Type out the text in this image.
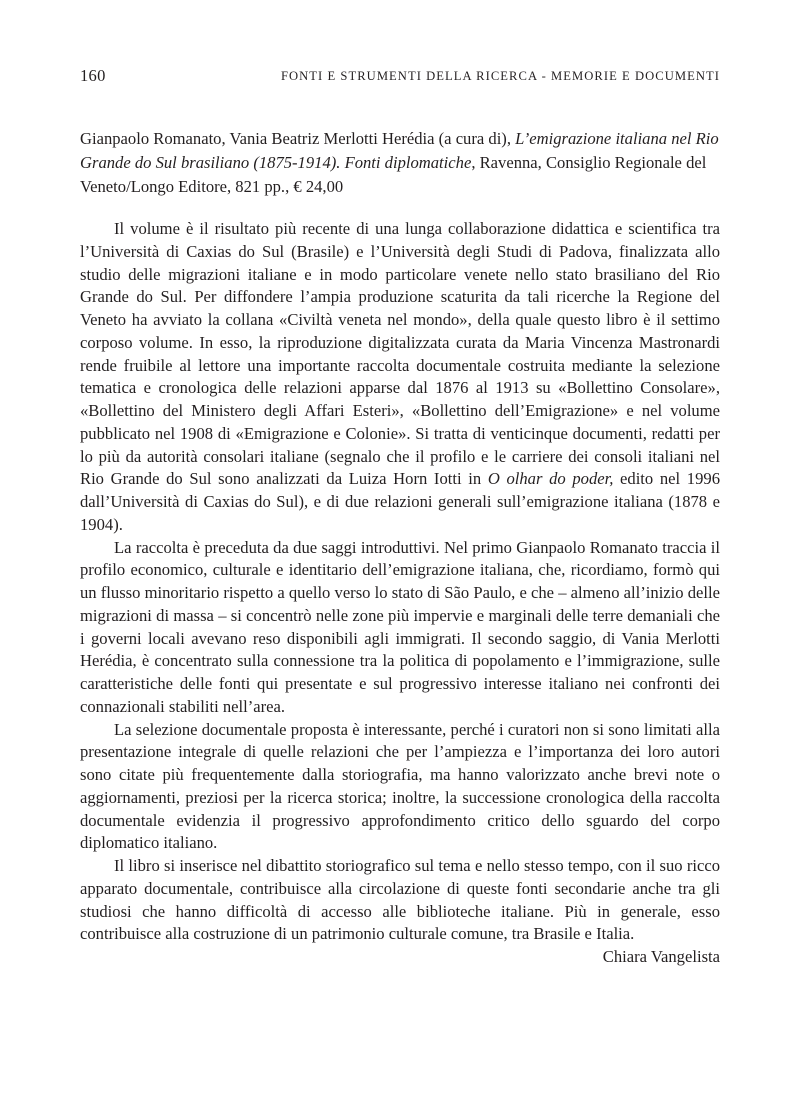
160	FONTI E STRUMENTI DELLA RICERCA - MEMORIE E DOCUMENTI
Gianpaolo Romanato, Vania Beatriz Merlotti Herédia (a cura di), L’emigrazione italiana nel Rio Grande do Sul brasiliano (1875-1914). Fonti diplomatiche, Ravenna, Consiglio Regionale del Veneto/Longo Editore, 821 pp., € 24,00

Il volume è il risultato più recente di una lunga collaborazione didattica e scientifica tra l’Università di Caxias do Sul (Brasile) e l’Università degli Studi di Padova, finalizzata allo studio delle migrazioni italiane e in modo particolare venete nello stato brasiliano del Rio Grande do Sul. Per diffondere l’ampia produzione scaturita da tali ricerche la Regione del Veneto ha avviato la collana «Civiltà veneta nel mondo», della quale questo libro è il settimo corposo volume. In esso, la riproduzione digitalizzata curata da Maria Vincenza Mastronardi rende fruibile al lettore una importante raccolta documentale costruita mediante la selezione tematica e cronologica delle relazioni apparse dal 1876 al 1913 su «Bollettino Consolare», «Bollettino del Ministero degli Affari Esteri», «Bollettino dell’Emigrazione» e nel volume pubblicato nel 1908 di «Emigrazione e Colonie». Si tratta di venticinque documenti, redatti per lo più da autorità consolari italiane (segnalo che il profilo e le carriere dei consoli italiani nel Rio Grande do Sul sono analizzati da Luiza Horn Iotti in O olhar do poder, edito nel 1996 dall’Università di Caxias do Sul), e di due relazioni generali sull’emigrazione italiana (1878 e 1904).

La raccolta è preceduta da due saggi introduttivi. Nel primo Gianpaolo Romanato traccia il profilo economico, culturale e identitario dell’emigrazione italiana, che, ricordiamo, formò qui un flusso minoritario rispetto a quello verso lo stato di São Paulo, e che – almeno all’inizio delle migrazioni di massa – si concentrò nelle zone più impervie e marginali delle terre demaniali che i governi locali avevano reso disponibili agli immigrati. Il secondo saggio, di Vania Merlotti Herédia, è concentrato sulla connessione tra la politica di popolamento e l’immigrazione, sulle caratteristiche delle fonti qui presentate e sul progressivo interesse italiano nei confronti dei connazionali stabiliti nell’area.

La selezione documentale proposta è interessante, perché i curatori non si sono limitati alla presentazione integrale di quelle relazioni che per l’ampiezza e l’importanza dei loro autori sono citate più frequentemente dalla storiografia, ma hanno valorizzato anche brevi note o aggiornamenti, preziosi per la ricerca storica; inoltre, la successione cronologica della raccolta documentale evidenzia il progressivo approfondimento critico dello sguardo del corpo diplomatico italiano.

Il libro si inserisce nel dibattito storiografico sul tema e nello stesso tempo, con il suo ricco apparato documentale, contribuisce alla circolazione di queste fonti secondarie anche tra gli studiosi che hanno difficoltà di accesso alle biblioteche italiane. Più in generale, esso contribuisce alla costruzione di un patrimonio culturale comune, tra Brasile e Italia.

Chiara Vangelista
